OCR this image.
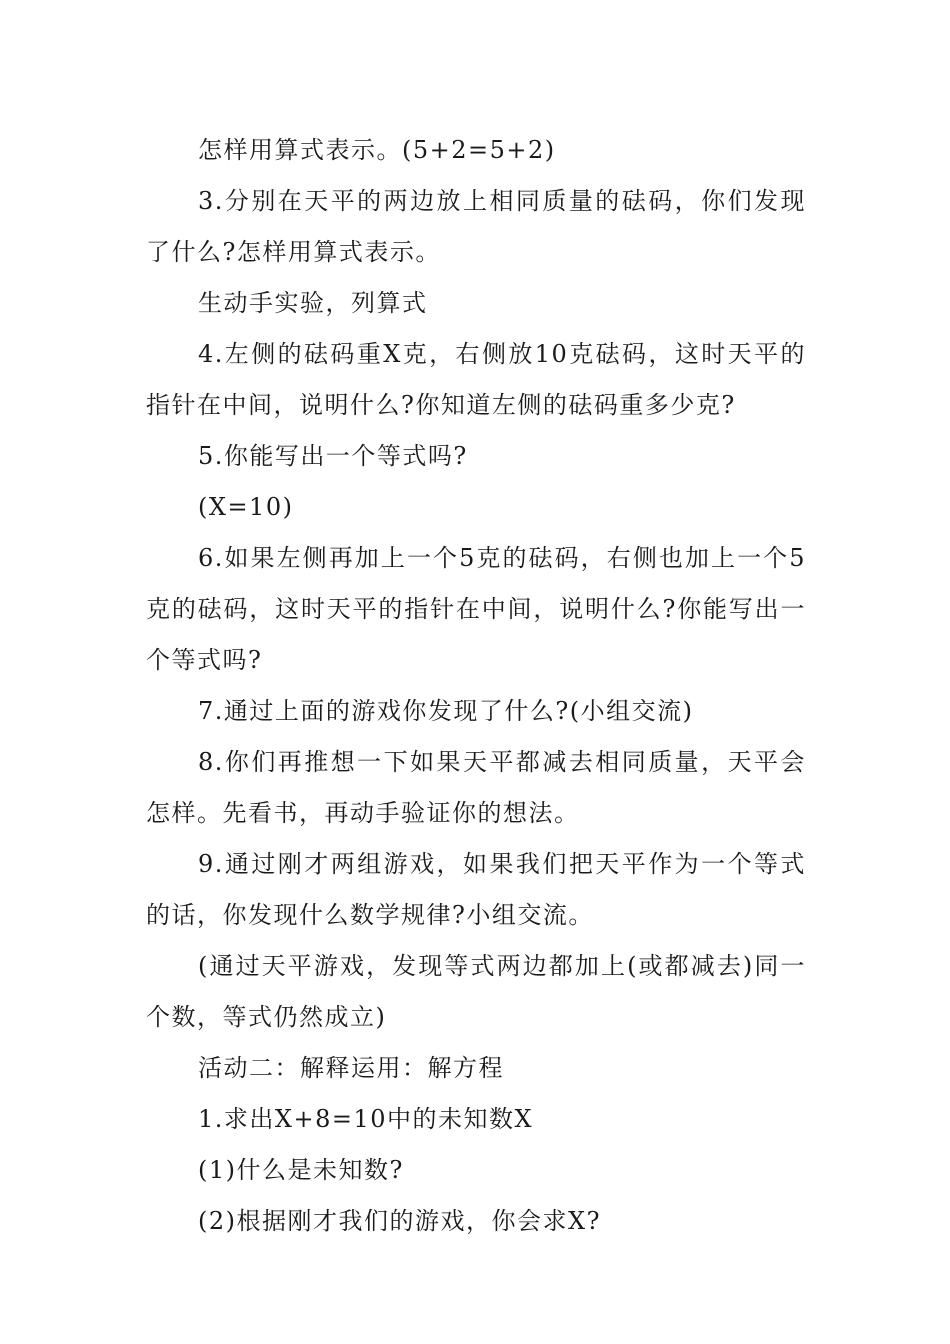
怎样用算式表示。(5+2=5+2)

3.分别在天平的两边放上相同质量的砝码，你们发现了什么?怎样用算式表示。

生动手实验，列算式

4.左侧的砝码重X克，右侧放10克砝码，这时天平的指针在中间，说明什么?你知道左侧的砝码重多少克?

5.你能写出一个等式吗?

(X=10)

6.如果左侧再加上一个5克的砝码，右侧也加上一个5克的砝码，这时天平的指针在中间，说明什么?你能写出一个等式吗?

7.通过上面的游戏你发现了什么?(小组交流)

8.你们再推想一下如果天平都减去相同质量，天平会怎样。先看书，再动手验证你的想法。

9.通过刚才两组游戏，如果我们把天平作为一个等式的话，你发现什么数学规律?小组交流。

(通过天平游戏，发现等式两边都加上(或都减去)同一个数，等式仍然成立)

活动二：解释运用：解方程

1.求出X+8=10中的未知数X

(1)什么是未知数?

(2)根据刚才我们的游戏，你会求X?
